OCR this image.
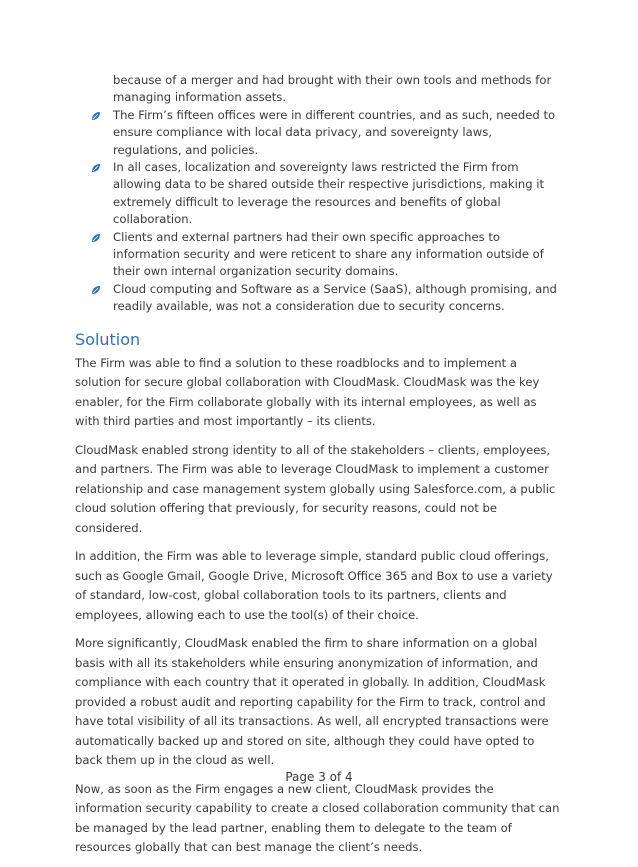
because of a merger and had brought with their own tools and methods for managing information assets.

The Firm’s fifteen offices were in different countries, and as such, needed to ensure compliance with local data privacy, and sovereignty laws, regulations, and policies.
In all cases, localization and sovereignty laws restricted the Firm from allowing data to be shared outside their respective jurisdictions, making it extremely difficult to leverage the resources and benefits of global collaboration.
Clients and external partners had their own specific approaches to information security and were reticent to share any information outside of their own internal organization security domains.
Cloud computing and Software as a Service (SaaS), although promising, and readily available, was not a consideration due to security concerns.
Solution

The Firm was able to find a solution to these roadblocks and to implement a solution for secure global collaboration with CloudMask. CloudMask was the key enabler, for the Firm collaborate globally with its internal employees, as well as with third parties and most importantly – its clients.

CloudMask enabled strong identity to all of the stakeholders – clients, employees, and partners. The Firm was able to leverage CloudMask to implement a customer relationship and case management system globally using Salesforce.com, a public cloud solution offering that previously, for security reasons, could not be considered.

In addition, the Firm was able to leverage simple, standard public cloud offerings, such as Google Gmail, Google Drive, Microsoft Office 365 and Box to use a variety of standard, low-cost, global collaboration tools to its partners, clients and employees, allowing each to use the tool(s) of their choice.

More significantly, CloudMask enabled the firm to share information on a global basis with all its stakeholders while ensuring anonymization of information, and compliance with each country that it operated in globally. In addition, CloudMask provided a robust audit and reporting capability for the Firm to track, control and have total visibility of all its transactions. As well, all encrypted transactions were automatically backed up and stored on site, although they could have opted to back them up in the cloud as well.

Now, as soon as the Firm engages a new client, CloudMask provides the information security capability to create a closed collaboration community that can be managed by the lead partner, enabling them to delegate to the team of resources globally that can best manage the client’s needs.

Page 3 of 4
